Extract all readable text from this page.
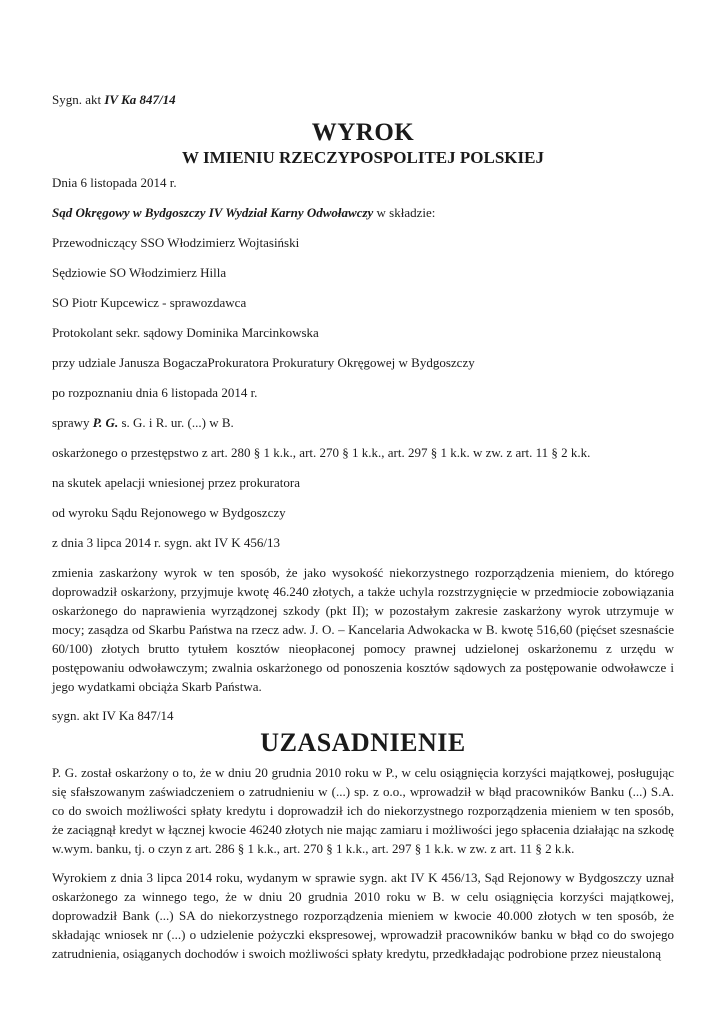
Sygn. akt IV Ka 847/14

WYROK
W IMIENIU RZECZYPOSPOLITEJ POLSKIEJ

Dnia 6 listopada 2014 r.

Sąd Okręgowy w Bydgoszczy IV Wydział Karny Odwoławczy w składzie:

Przewodniczący SSO Włodzimierz Wojtasiński

Sędziowie SO Włodzimierz Hilla

SO Piotr Kupcewicz - sprawozdawca

Protokolant sekr. sądowy Dominika Marcinkowska

przy udziale Janusza BogaczaProkuratora Prokuratury Okręgowej w Bydgoszczy

po rozpoznaniu dnia 6 listopada 2014 r.

sprawy P. G. s. G. i R. ur. (...) w B.

oskarżonego o przestępstwo z art. 280 § 1 k.k., art. 270 § 1 k.k., art. 297 § 1 k.k. w zw. z art. 11 § 2 k.k.

na skutek apelacji wniesionej przez prokuratora

od wyroku Sądu Rejonowego w Bydgoszczy

z dnia 3 lipca 2014 r. sygn. akt IV K 456/13

zmienia zaskarżony wyrok w ten sposób, że jako wysokość niekorzystnego rozporządzenia mieniem, do którego doprowadził oskarżony, przyjmuje kwotę 46.240 złotych, a także uchyla rozstrzygnięcie w przedmiocie zobowiązania oskarżonego do naprawienia wyrządzonej szkody (pkt II); w pozostałym zakresie zaskarżony wyrok utrzymuje w mocy; zasądza od Skarbu Państwa na rzecz adw. J. O. – Kancelaria Adwokacka w B. kwotę 516,60 (pięćset szesnaście 60/100) złotych brutto tytułem kosztów nieopłaconej pomocy prawnej udzielonej oskarżonemu z urzędu w postępowaniu odwoławczym; zwalnia oskarżonego od ponoszenia kosztów sądowych za postępowanie odwoławcze i jego wydatkami obciąża Skarb Państwa.

sygn. akt IV Ka 847/14

UZASADNIENIE

P. G. został oskarżony o to, że w dniu 20 grudnia 2010 roku w P., w celu osiągnięcia korzyści majątkowej, posługując się sfałszowanym zaświadczeniem o zatrudnieniu w (...) sp. z o.o., wprowadził w błąd pracowników Banku (...) S.A. co do swoich możliwości spłaty kredytu i doprowadził ich do niekorzystnego rozporządzenia mieniem w ten sposób, że zaciągnął kredyt w łącznej kwocie 46240 złotych nie mając zamiaru i możliwości jego spłacenia działając na szkodę w.wym. banku, tj. o czyn z art. 286 § 1 k.k., art. 270 § 1 k.k., art. 297 § 1 k.k. w zw. z art. 11 § 2 k.k.

Wyrokiem z dnia 3 lipca 2014 roku, wydanym w sprawie sygn. akt IV K 456/13, Sąd Rejonowy w Bydgoszczy uznał oskarżonego za winnego tego, że w dniu 20 grudnia 2010 roku w B. w celu osiągnięcia korzyści majątkowej, doprowadził Bank (...) SA do niekorzystnego rozporządzenia mieniem w kwocie 40.000 złotych w ten sposób, że składając wniosek nr (...) o udzielenie pożyczki ekspresowej, wprowadził pracowników banku w błąd co do swojego zatrudnienia, osiąganych dochodów i swoich możliwości spłaty kredytu, przedkładając podrobione przez nieustaloną
